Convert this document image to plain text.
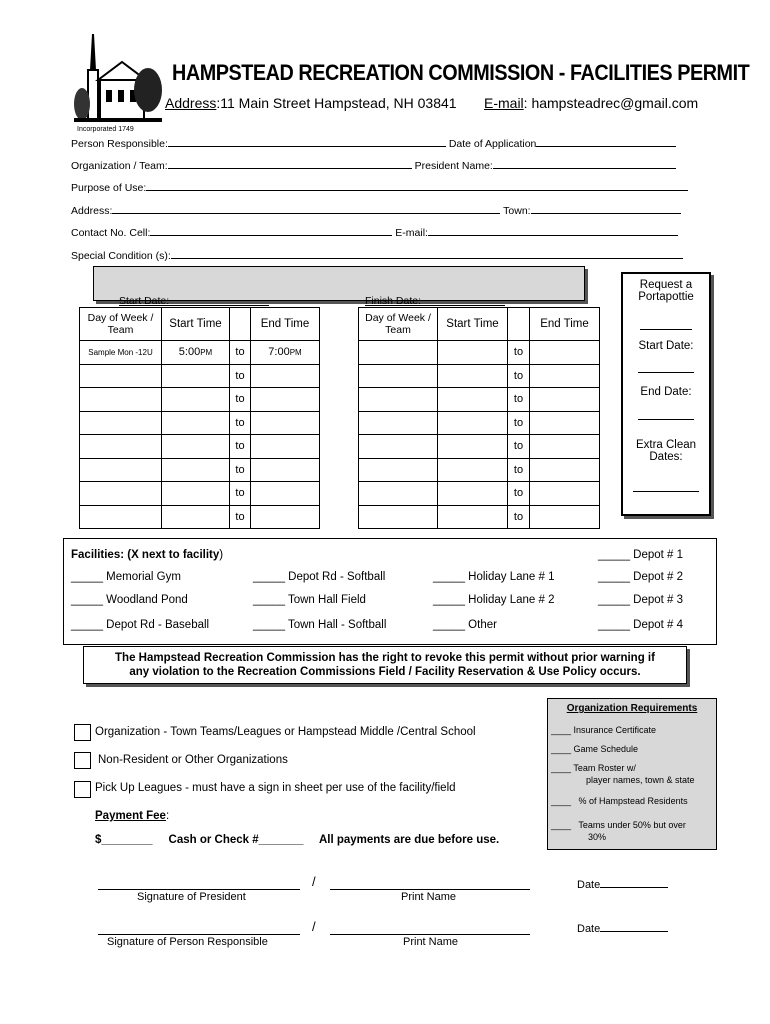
HAMPSTEAD RECREATION COMMISSION - FACILITIES PERMIT
Address:11 Main Street Hampstead, NH 03841 E-mail: hampsteadrec@gmail.com
Incorporated 1749
Person Responsible:	Date of Application
Organization / Team:	President Name:
Purpose of Use:
Address:	Town:
Contact No. Cell:	E-mail:
Special Condition (s):
Start Date:	Finish Date:
Day of Week / Team	Start Time		End Time
Sample Mon -12U	5:00PM	to	7:00PM
		to	
		to	
		to	
		to	
		to	
		to	
		to	
Day of Week / Team	Start Time		End Time
		to	
		to	
		to	
		to	
		to	
		to	
		to	
		to	
Request a Portapottie
Start Date:
End Date:
Extra Clean Dates:
Facilities: (X next to facility)
_____ Memorial Gym
_____ Woodland Pond
_____ Depot Rd - Baseball
_____ Depot Rd - Softball
_____ Town Hall Field
_____ Town Hall - Softball
_____ Holiday Lane # 1
_____ Holiday Lane # 2
_____ Other
_____ Depot # 1
_____ Depot # 2
_____ Depot # 3
_____ Depot # 4
The Hampstead Recreation Commission has the right to revoke this permit without prior warning if
any violation to the Recreation Commissions Field / Facility Reservation & Use Policy occurs.
Organization - Town Teams/Leagues or Hampstead Middle /Central School
Non-Resident or Other Organizations
Pick Up Leagues - must have a sign in sheet per use of the facility/field
Payment Fee:
$________     Cash or Check #_______     All payments are due before use.
Organization Requirements
____ Insurance Certificate
____ Game Schedule
____ Team Roster w/
player names, town & state
____   % of Hampstead Residents
____   Teams under 50% but over
30%
/
Signature of President	Print Name
Date
/
Signature of Person Responsible	Print Name
Date
